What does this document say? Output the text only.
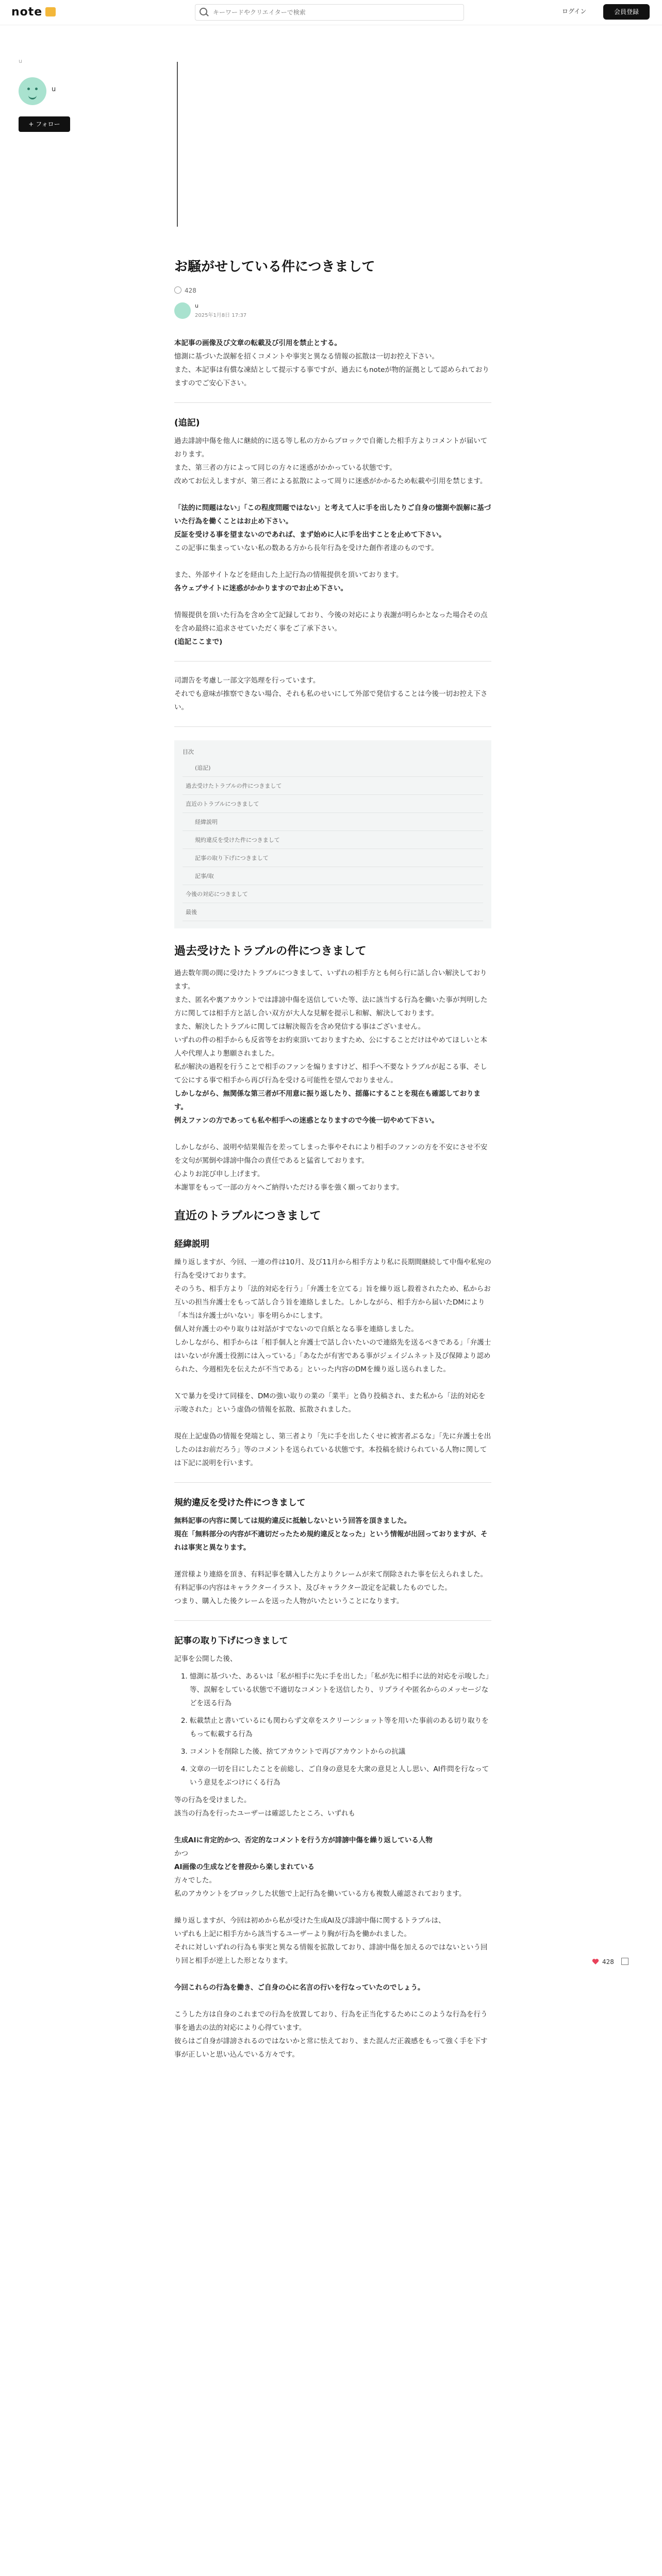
note
キーワードやクリエイターで検索	ログイン	会員登録
u
u
+ フォロー
お騒がせしている件につきまして
428
u
2025年1月8日 17:37

本記事の画像及び文章の転載及び引用を禁止とする。

憶測に基づいた誤解を招くコメントや事実と異なる情報の拡散は一切お控え下さい。

また、本記事は有償な凍結として提示する事ですが、過去にもnoteが物的証拠として認められておりますのでご安心下さい。

(追記)

過去誹謗中傷を他人に継続的に送る等し私の方からブロックで自衛した相手方よりコメントが届いております。

また、第三者の方によって同じの方々に迷惑がかかっている状態です。

改めてお伝えしますが、第三者による拡散によって周りに迷惑がかかるため転載や引用を禁じます。

「法的に問題はない」「この程度問題ではない」と考えて人に手を出したりご自身の憶測や誤解に基づいた行為を働くことはお止め下さい。

反証を受ける事を望まないのであれば、まず始めに人に手を出すことを止めて下さい。

この記事に集まっていない私の数ある方から長年行為を受けた創作者達のものです。

また、外部サイトなどを経由した上記行為の情報提供を頂いております。

各ウェブサイトに迷惑がかかりますのでお止め下さい。

情報提供を頂いた行為を含め全て記録しており、今後の対応により表謝が明らかとなった場合その点を含め最終に追求させていただく事をご了承下さい。

(追記ここまで)

司謂告を考慮し一部文字処理を行っています。

それでも意味が推察できない場合、それも私のせいにして外部で発信することは今後一切お控え下さい。

目次
(追記)
過去受けたトラブルの件につきまして
直近のトラブルにつきまして
経緯説明
規約違反を受けた件につきまして
記事の取り下げにつきまして
記事/取
今後の対応につきまして
最後
過去受けたトラブルの件につきまして

過去数年間の間に受けたトラブルにつきまして、いずれの相手方とも何ら行に話し合い解決しております。

また、匿名や裏アカウントでは誹謗中傷を送信していた等、法に該当する行為を働いた事が判明した方に関しては相手方と話し合い双方が大人な見解を提示し和解、解決しております。

また、解決したトラブルに関しては解決報告を含め発信する事はございません。

いずれの件の相手からも反省等をお約束頂いておりますため、公にすることだけはやめてほしいと本人や代理人より懇願されました。

私が解決の過程を行うことで相手のファンを煽りますけど、相手へ不要なトラブルが起こる事、そして公にする事で相手から再び行為を受ける可能性を望んでおりません。

しかしながら、無関係な第三者が不用意に振り返したり、揺蕩にすることを現在も確認しております。

例えファンの方であっても私や相手への迷惑となりますので今後一切やめて下さい。

しかしながら、説明や結果報告を差ってしまった事やそれにより相手のファンの方を不安にさせ不安を文句が罵倒や誹謗中傷合の責任であると猛省しております。

心よりお詫び申し上げます。

本謝罪をもって一部の方々へご納得いただける事を強く願っております。

直近のトラブルにつきまして
経緯説明

繰り返しますが、今回、一連の件は10月、及び11月から相手方より私に長期間継続して中傷や私宛の行為を受けております。

そのうち、相手方より「法的対応を行う」「弁護士を立てる」旨を繰り返し殺着されたため、私からお互いの担当弁護士をもって話し合う旨を連絡しました。しかしながら、相手方から届いたDMにより「本当は弁護士がいない」事を明らかにします。

個人対弁護士のやり取りは対話がすでないので自紙となる事を連絡しました。

しかしながら、相手からは「相手個人と弁護士で話し合いたいので連絡先を送るべきである」「弁護士はいないが弁護士役割には入っている」「あなたが有害である事がジェイジムネット及び保障より認められた、今週相先を伝えたが不当である」といった内容のDMを繰り返し送られました。

Ｘで暴力を受けて同様を、DMの強い取りの業の「業半」と偽り投稿され、また私から「法的対応を示唆された」という虚偽の情報を拡散、拡散されました。

現在上記虚偽の情報を発端とし、第三者より「先に手を出したくせに被害者ぶるな」「先に弁護士を出したのはお前だろう」等のコメントを送られている状態です。本投稿を続けられている人物に関しては下記に説明を行います。

規約違反を受けた件につきまして

無料記事の内容に関しては規約違反に抵触しないという回答を頂きました。

現在「無料部分の内容が不適切だったため規約違反となった」という情報が出回っておりますが、それは事実と異なります。

運営様より連絡を頂き、有料記事を購入した方よりクレームが来て削除された事を伝えられました。有料記事の内容はキャラクターイラスト、及びキャラクター設定を記載したものでした。

つまり、購入した後クレームを送った人物がいたということになります。

記事の取り下げにつきまして

記事を公開した後、

1. 憶測に基づいた、あるいは「私が相手に先に手を出した」「私が先に相手に法的対応を示唆した」等、誤解をしている状態で不適切なコメントを送信したり、リプライや匿名からのメッセージなどを送る行為
2. 転載禁止と書いているにも関わらず文章をスクリーンショット等を用いた事前のある切り取りをもって転載する行為
3. コメントを削除した後、捨てアカウントで再びアカウントからの抗議
4. 文章の一切を目にしたことを前総し、ご自身の意見を大衆の意見と人し思い、AI件問を行なっていう意見をぶつけにくる行為

等の行為を受けました。

該当の行為を行ったユーザーは確認したところ、いずれも

生成AIに肯定的かつ、否定的なコメントを行う方が誹謗中傷を繰り返している人物

かつ

AI画像の生成などを普段から楽しまれている

方々でした。

私のアカウントをブロックした状態で上記行為を働いている方も複数人確認されております。

繰り返しますが、今回は初めから私が受けた生成AI及び誹謗中傷に関するトラブルは、

いずれも上記に相手方から該当するユーザーより胸が行為を働かれました。

それに対しいずれの行為も事実と異なる情報を拡散しており、誹謗中傷を加えるのではないという回り回と相手が逆上した形となります。

今回これらの行為を働き、ご自身の心に名言の行いを行なっていたのでしょう。

こうした方は自身のこれまでの行為を放置しており、行為を正当化するためにこのような行為を行う事を過去の法的対応により心得ています。

彼らはご自身が誹謗されるのではないかと常に怯えており、また混んだ正義感をもって強く手を下す事が正しいと思い込んでいる方々です。

428
